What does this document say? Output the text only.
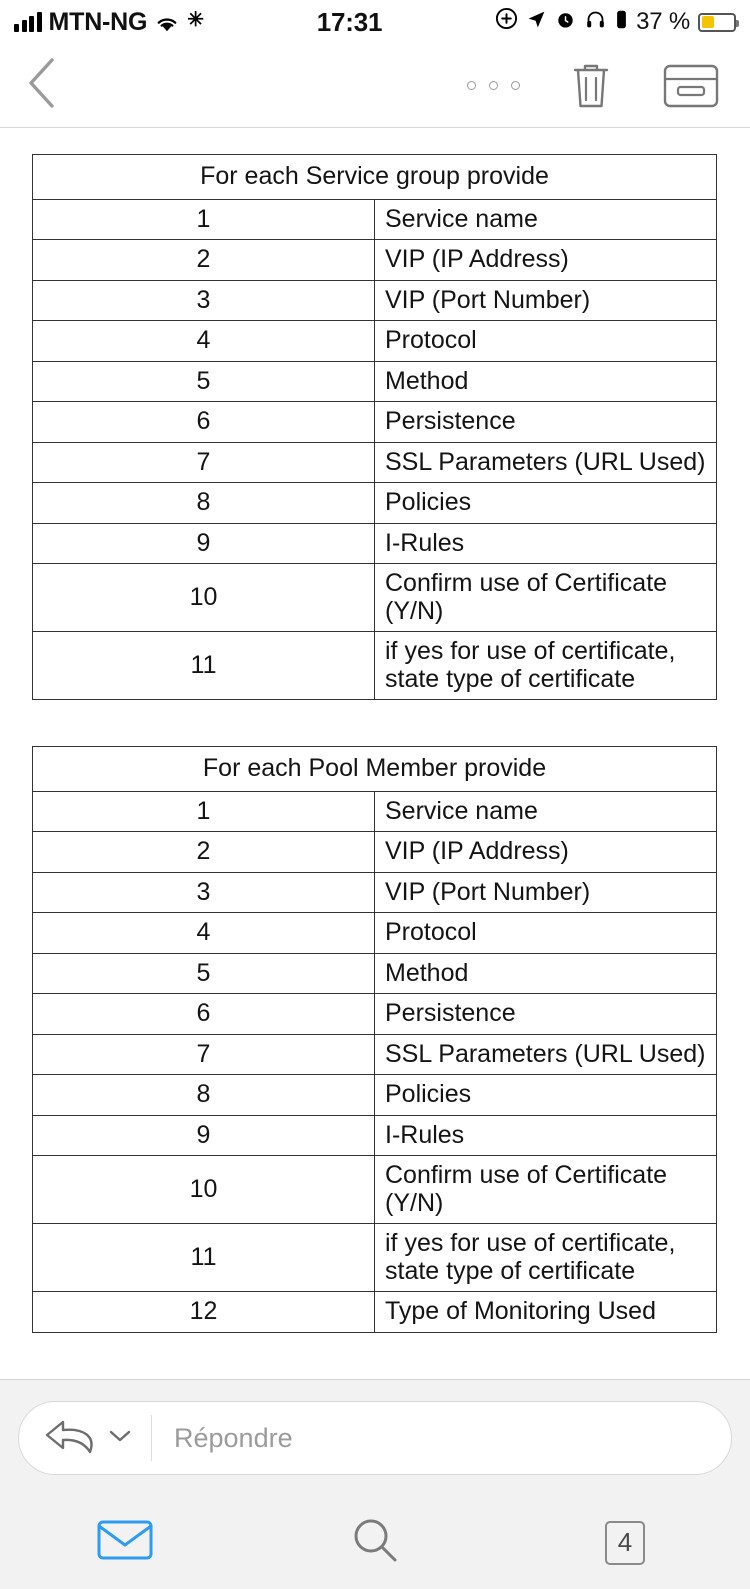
MTN-NG ✳	17:31	37 %
For each Service group provide	
1	Service name
2	VIP (IP Address)
3	VIP (Port Number)
4	Protocol
5	Method
6	Persistence
7	SSL Parameters (URL Used)
8	Policies
9	I-Rules
10	Confirm use of Certificate (Y/N)
11	if yes for use of certificate, state type of certificate
For each Pool Member provide	
1	Service name
2	VIP (IP Address)
3	VIP (Port Number)
4	Protocol
5	Method
6	Persistence
7	SSL Parameters (URL Used)
8	Policies
9	I-Rules
10	Confirm use of Certificate (Y/N)
11	if yes for use of certificate, state type of certificate
12	Type of Monitoring Used
Répondre
4
